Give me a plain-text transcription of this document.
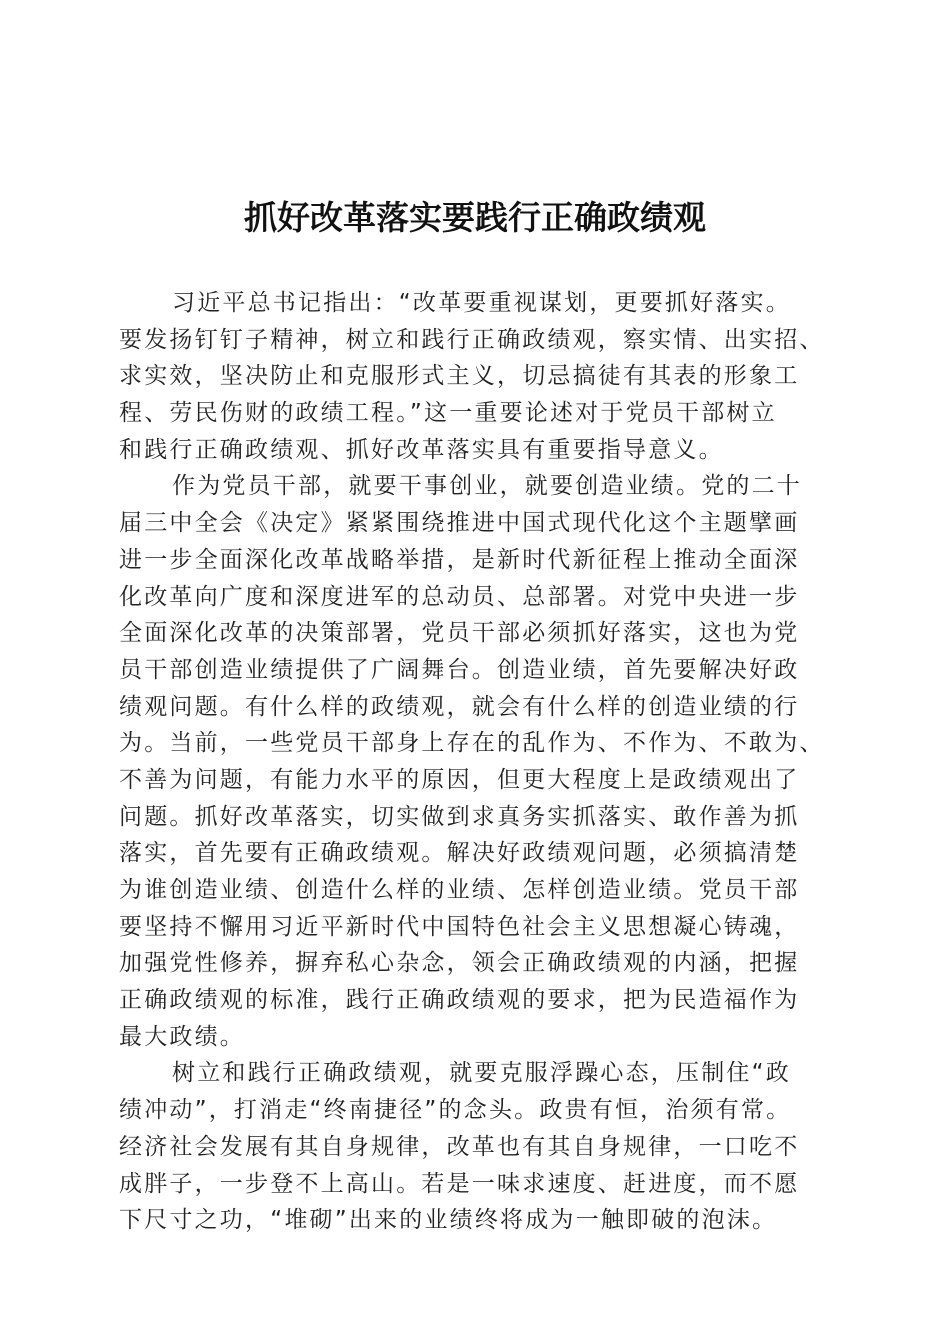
抓好改革落实要践行正确政绩观
习近平总书记指出：“改革要重视谋划，更要抓好落实。
要发扬钉钉子精神，树立和践行正确政绩观，察实情、出实招、
求实效，坚决防止和克服形式主义，切忌搞徒有其表的形象工
程、劳民伤财的政绩工程。”这一重要论述对于党员干部树立
和践行正确政绩观、抓好改革落实具有重要指导意义。
作为党员干部，就要干事创业，就要创造业绩。党的二十
届三中全会《决定》紧紧围绕推进中国式现代化这个主题擘画
进一步全面深化改革战略举措，是新时代新征程上推动全面深
化改革向广度和深度进军的总动员、总部署。对党中央进一步
全面深化改革的决策部署，党员干部必须抓好落实，这也为党
员干部创造业绩提供了广阔舞台。创造业绩，首先要解决好政
绩观问题。有什么样的政绩观，就会有什么样的创造业绩的行
为。当前，一些党员干部身上存在的乱作为、不作为、不敢为、
不善为问题，有能力水平的原因，但更大程度上是政绩观出了
问题。抓好改革落实，切实做到求真务实抓落实、敢作善为抓
落实，首先要有正确政绩观。解决好政绩观问题，必须搞清楚
为谁创造业绩、创造什么样的业绩、怎样创造业绩。党员干部
要坚持不懈用习近平新时代中国特色社会主义思想凝心铸魂，
加强党性修养，摒弃私心杂念，领会正确政绩观的内涵，把握
正确政绩观的标准，践行正确政绩观的要求，把为民造福作为
最大政绩。
树立和践行正确政绩观，就要克服浮躁心态，压制住“政
绩冲动”，打消走“终南捷径”的念头。政贵有恒，治须有常。
经济社会发展有其自身规律，改革也有其自身规律，一口吃不
成胖子，一步登不上高山。若是一味求速度、赶进度，而不愿
下尺寸之功，“堆砌”出来的业绩终将成为一触即破的泡沫。
